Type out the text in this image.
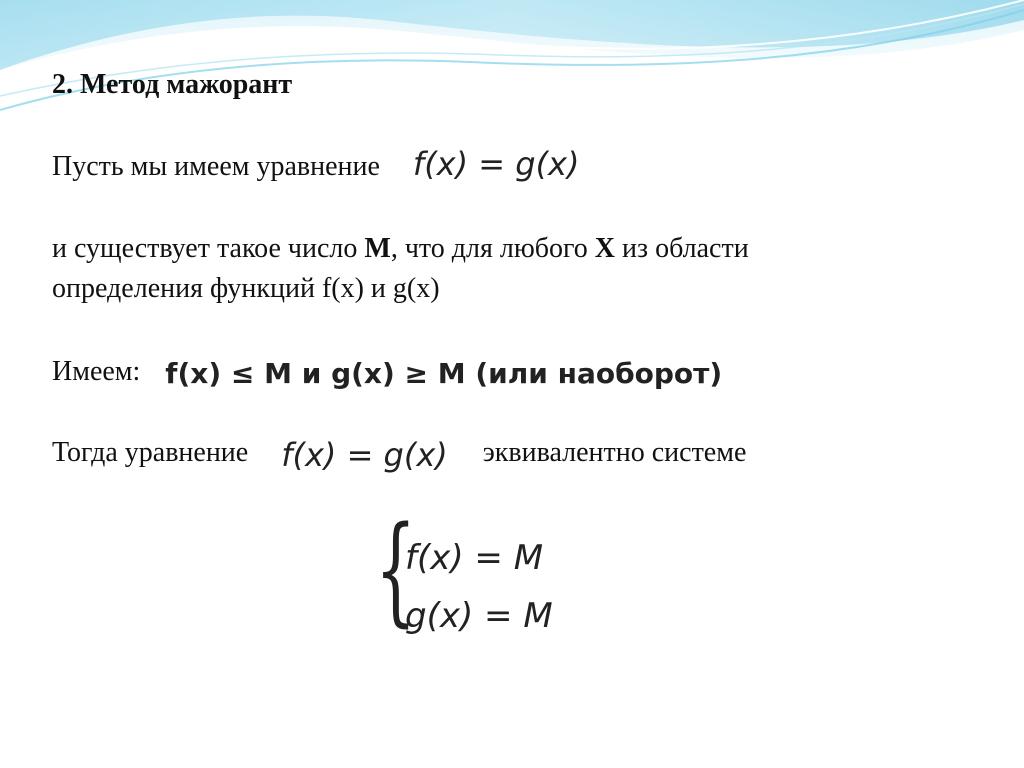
2. Метод мажорант
Пусть мы имеем уравнение f(x) = g(x)
и существует такое число М, что для любого Х из области
определения функций f(x) и g(x)
Имеем: f(x) ≤ M и g(x) ≥ M (или наоборот)
Тогда уравнение f(x) = g(x) эквивалентно системе
{
f(x) = M
g(x) = M
